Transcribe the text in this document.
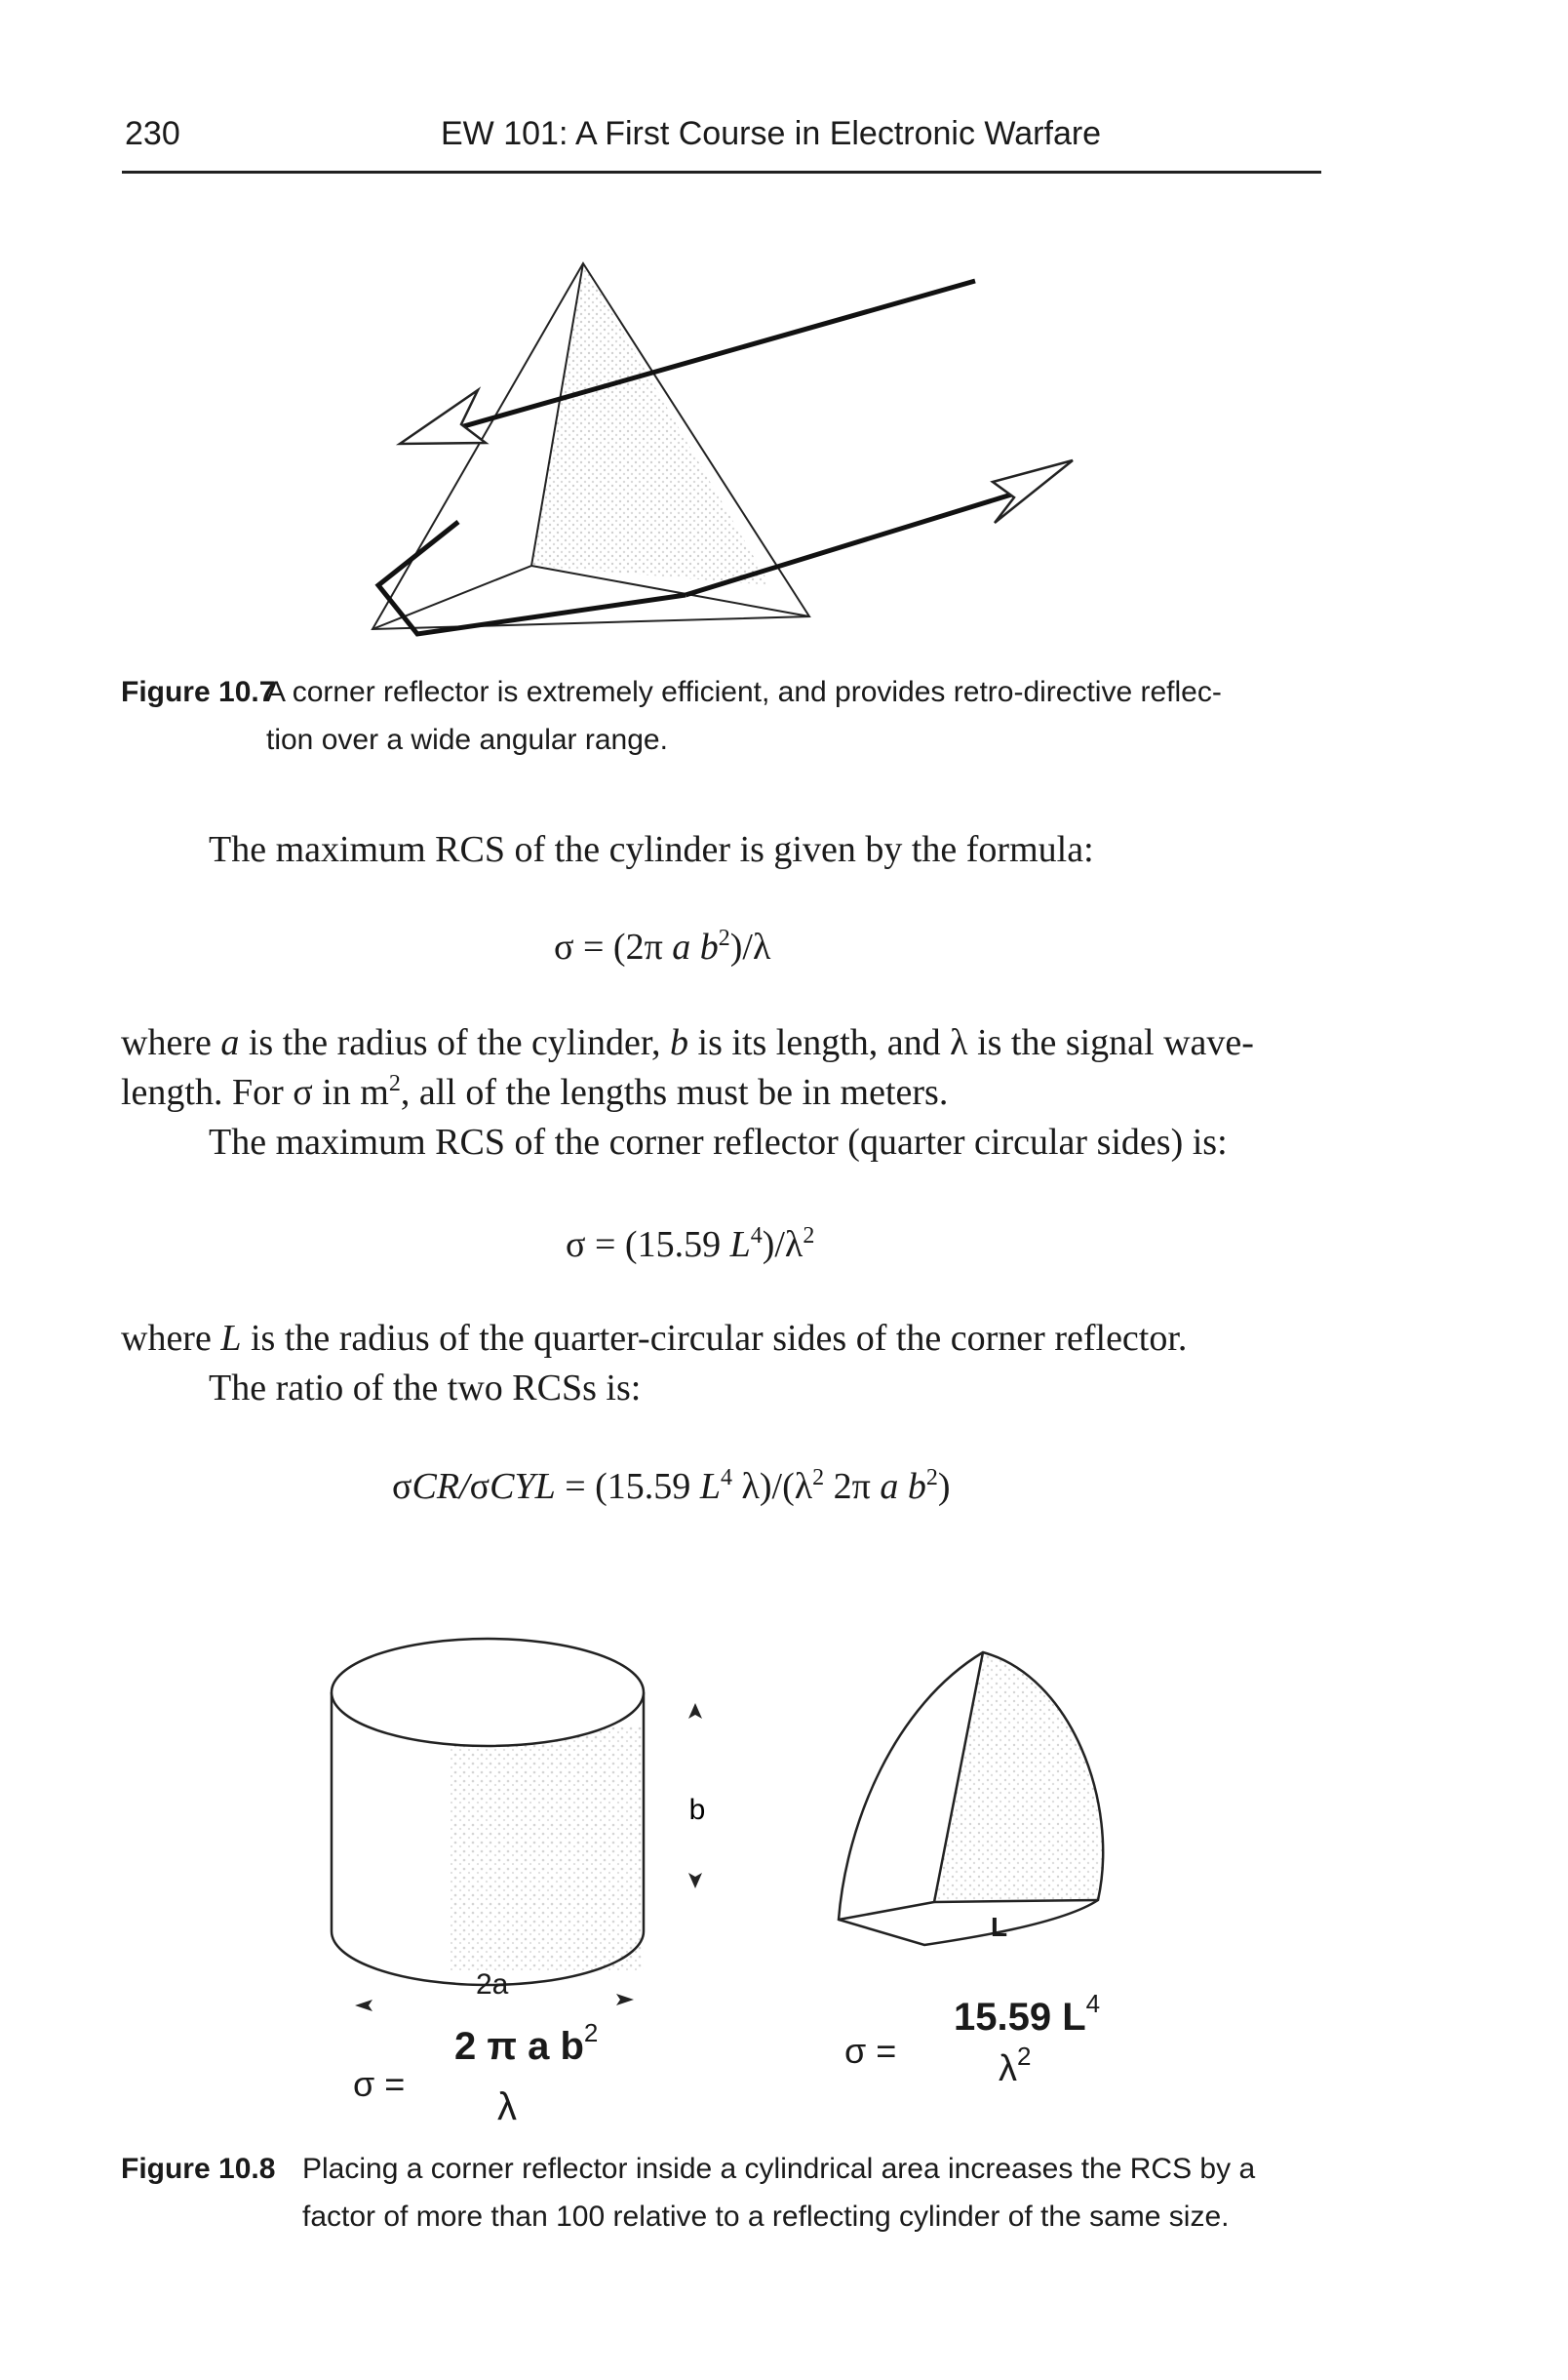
230	EW 101: A First Course in Electronic Warfare
Figure 10.7
A corner reflector is extremely efficient, and provides retro-directive reflec-
tion over a wide angular range.
The maximum RCS of the cylinder is given by the formula:
σ = (2π a $b^2)/\lambda$
where a is the radius of the cylinder, b is its length, and λ is the signal wave-
length. For σ in $m^2$, all of the lengths must be in meters.
The maximum RCS of the corner reflector (quarter circular sides) is:
σ = (15.59 $L^4)/\lambda^2$
where L is the radius of the quarter-circular sides of the corner reflector.
The ratio of the two RCSs is:
σCR/σCYL = (15.59 $L^4$ $\lambda)/(\lambda^2$ 2π a $b^2$)
b
2a
σ =
2 π a $b^2$
λ
L
σ =
15.59 $L^4$
$\lambda^2$
Figure 10.8 Placing a corner reflector inside a cylindrical area increases the RCS by a
factor of more than 100 relative to a reflecting cylinder of the same size.
